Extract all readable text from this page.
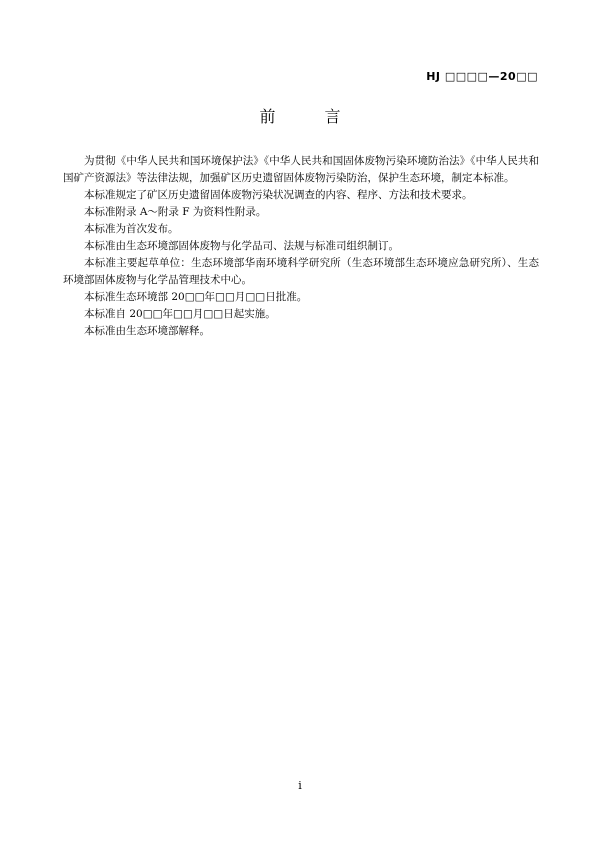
HJ □□□□—20□□
前 言

为贯彻《中华人民共和国环境保护法》《中华人民共和国固体废物污染环境防治法》《中华人民共和国矿产资源法》等法律法规，加强矿区历史遗留固体废物污染防治，保护生态环境，制定本标准。

本标准规定了矿区历史遗留固体废物污染状况调查的内容、程序、方法和技术要求。

本标准附录 A～附录 F 为资料性附录。

本标准为首次发布。

本标准由生态环境部固体废物与化学品司、法规与标准司组织制订。

本标准主要起草单位：生态环境部华南环境科学研究所（生态环境部生态环境应急研究所）、生态环境部固体废物与化学品管理技术中心。

本标准生态环境部 20□□年□□月□□日批准。

本标准自 20□□年□□月□□日起实施。

本标准由生态环境部解释。

i
